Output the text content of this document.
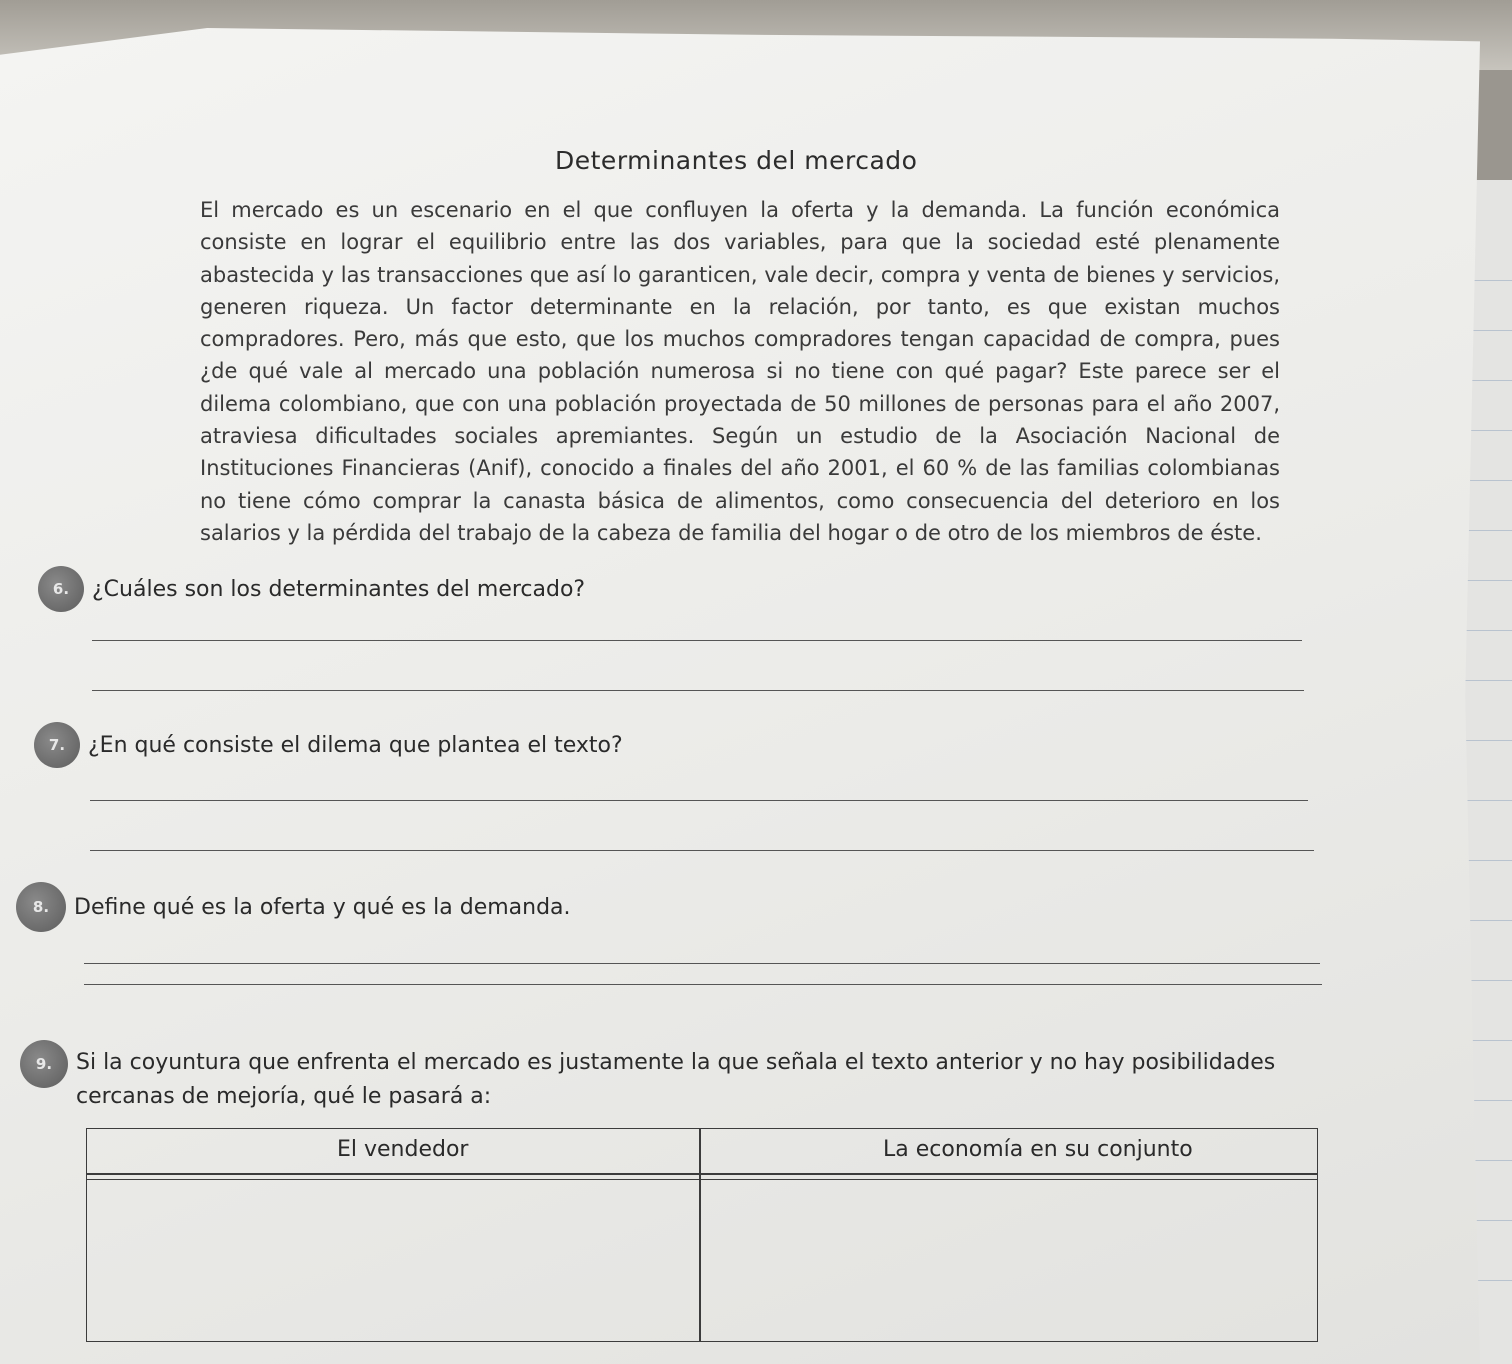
Determinantes del mercado

El mercado es un escenario en el que confluyen la oferta y la demanda. La función económica consiste en lograr el equilibrio entre las dos variables, para que la sociedad esté plenamente abastecida y las transacciones que así lo garanticen, vale decir, compra y venta de bienes y servicios, generen riqueza. Un factor determinante en la relación, por tanto, es que existan muchos compradores. Pero, más que esto, que los muchos compradores tengan capacidad de compra, pues ¿de qué vale al mercado una población numerosa si no tiene con qué pagar? Este parece ser el dilema colombiano, que con una población proyectada de 50 millones de personas para el año 2007, atraviesa dificultades sociales apremiantes. Según un estudio de la Asociación Nacional de Instituciones Financieras (Anif), conocido a finales del año 2001, el 60 % de las familias colombianas no tiene cómo comprar la canasta básica de alimentos, como consecuencia del deterioro en los salarios y la pérdida del trabajo de la cabeza de familia del hogar o de otro de los miembros de éste.

6.	¿Cuáles son los determinantes del mercado?
7.	¿En qué consiste el dilema que plantea el texto?
8.	Define qué es la oferta y qué es la demanda.
9.	Si la coyuntura que enfrenta el mercado es justamente la que señala el texto anterior y no hay posibilidades cercanas de mejoría, qué le pasará a:
El vendedor	La economía en su conjunto
